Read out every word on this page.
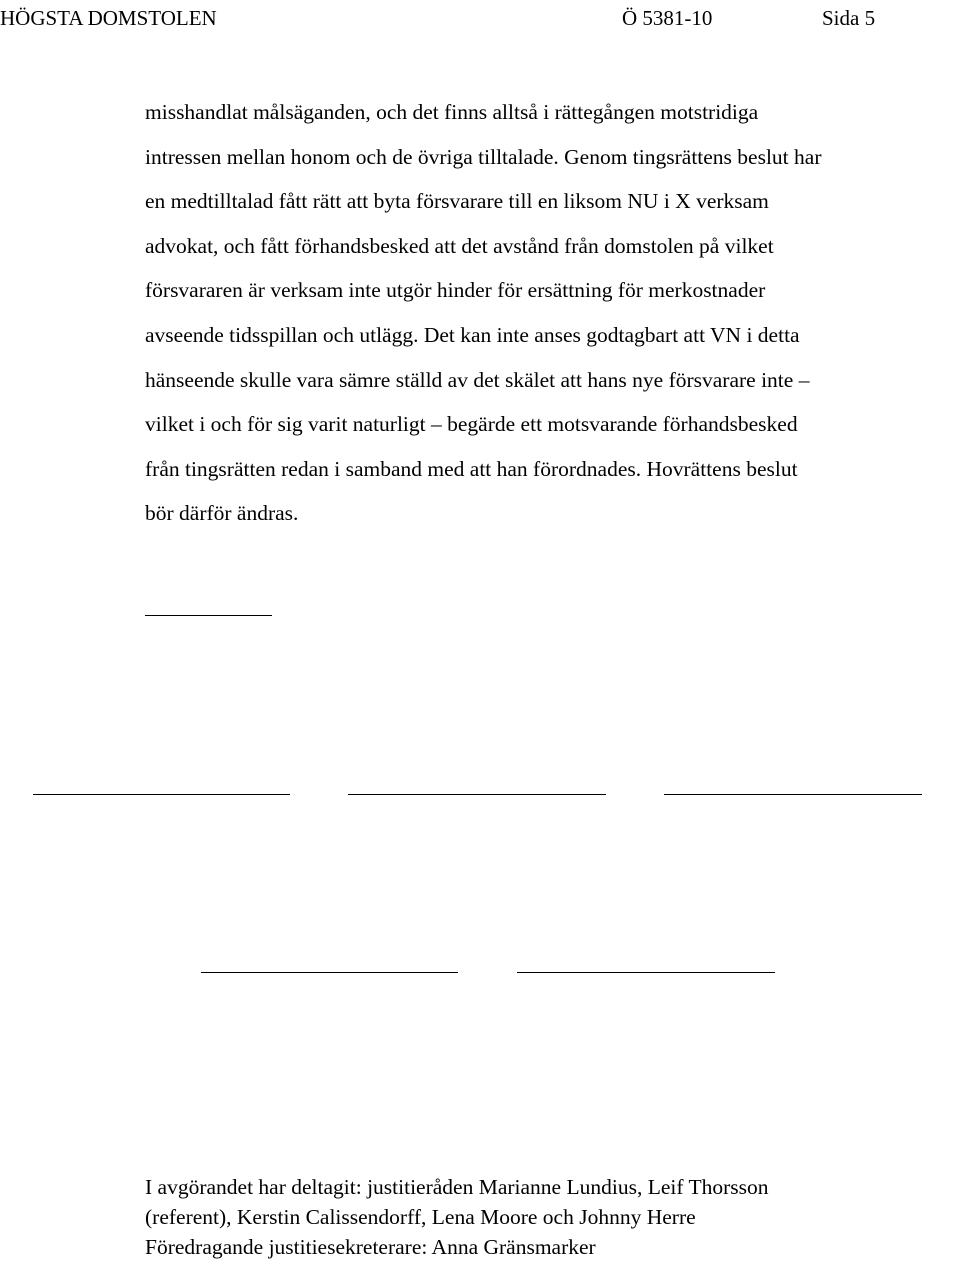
HÖGSTA DOMSTOLEN	Ö 5381-10	Sida 5
misshandlat målsäganden, och det finns alltså i rättegången motstridiga
intressen mellan honom och de övriga tilltalade. Genom tingsrättens beslut har
en medtilltalad fått rätt att byta försvarare till en liksom NU i X verksam
advokat, och fått förhandsbesked att det avstånd från domstolen på vilket
försvararen är verksam inte utgör hinder för ersättning för merkostnader
avseende tidsspillan och utlägg. Det kan inte anses godtagbart att VN i detta
hänseende skulle vara sämre ställd av det skälet att hans nye försvarare inte –
vilket i och för sig varit naturligt – begärde ett motsvarande förhandsbesked
från tingsrätten redan i samband med att han förordnades. Hovrättens beslut
bör därför ändras.
I avgörandet har deltagit: justitieråden Marianne Lundius, Leif Thorsson
(referent), Kerstin Calissendorff, Lena Moore och Johnny Herre
Föredragande justitiesekreterare: Anna Gränsmarker
